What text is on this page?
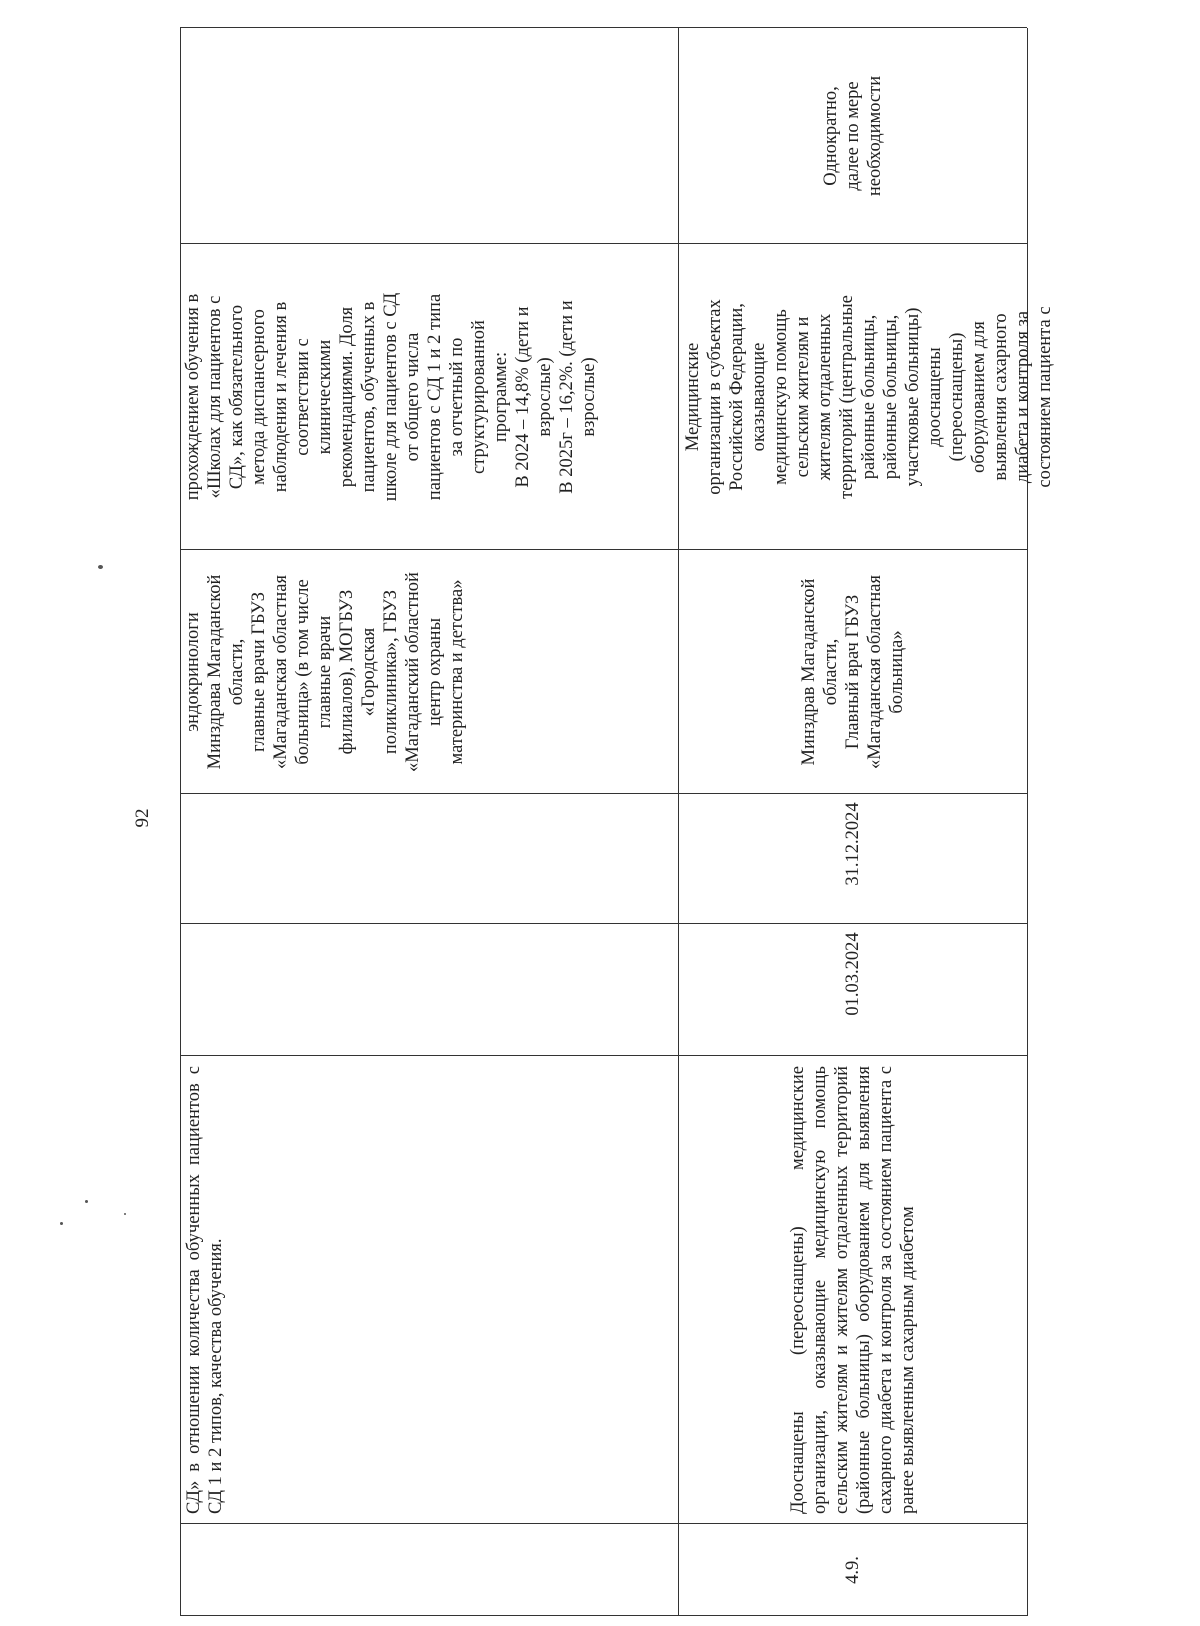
92
СД» в отношении количества обученных пациентов с СД 1 и 2 типов, качества обучения.
эндокринологи
Минздрава Магаданской
области,
главные врачи ГБУЗ
«Магаданская областная
больница» (в том числе
главные врачи
филиалов), МОГБУЗ
«Городская
поликлиника», ГБУЗ
«Магаданский областной
центр охраны
материнства и детства»
прохождением обучения в
«Школах для пациентов с
СД», как обязательного
метода диспансерного
наблюдения и лечения в
соответствии с
клиническими
рекомендациями. Доля
пациентов, обученных в
школе для пациентов с СД
от общего числа
пациентов с СД 1 и 2 типа
за отчетный по
структурированной
программе:
В 2024 – 14,8% (дети и
взрослые)
В 2025г – 16,2%. (дети и
взрослые)
4.9.
Дооснащены (переоснащены) медицинские организации, оказывающие медицинскую помощь сельским жителям и жителям отдаленных территорий (районные больницы) оборудованием для выявления сахарного диабета и контроля за состоянием пациента с ранее выявленным сахарным диабетом
01.03.2024
31.12.2024
Минздрав Магаданской
области,
Главный врач ГБУЗ
«Магаданская областная
больница»
Медицинские
организации в субъектах
Российской Федерации,
оказывающие
медицинскую помощь
сельским жителям и
жителям отдаленных
территорий (центральные
районные больницы,
районные больницы,
участковые больницы)
дооснащены
(переоснащены)
оборудованием для
выявления сахарного
диабета и контроля за
состоянием пациента с
Однократно,
далее по мере
необходимости
